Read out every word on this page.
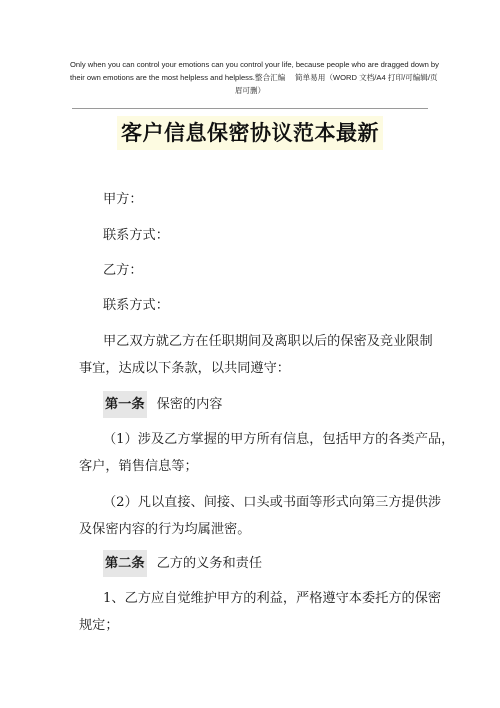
Only when you can control your emotions can you control your life, because people who are dragged down by
their own emotions are the most helpless and helpless.整合汇编　 简单易用（WORD 文档/A4 打印/可编辑/页
眉可删）
客户信息保密协议范本最新
甲方：
联系方式：
乙方：
联系方式：
甲乙双方就乙方在任职期间及离职以后的保密及竞业限制
事宜，达成以下条款，以共同遵守：
第一条 保密的内容
（1）涉及乙方掌握的甲方所有信息，包括甲方的各类产品，
客户，销售信息等；
（2）凡以直接、间接、口头或书面等形式向第三方提供涉
及保密内容的行为均属泄密。
第二条 乙方的义务和责任
1、乙方应自觉维护甲方的利益，严格遵守本委托方的保密
规定；
